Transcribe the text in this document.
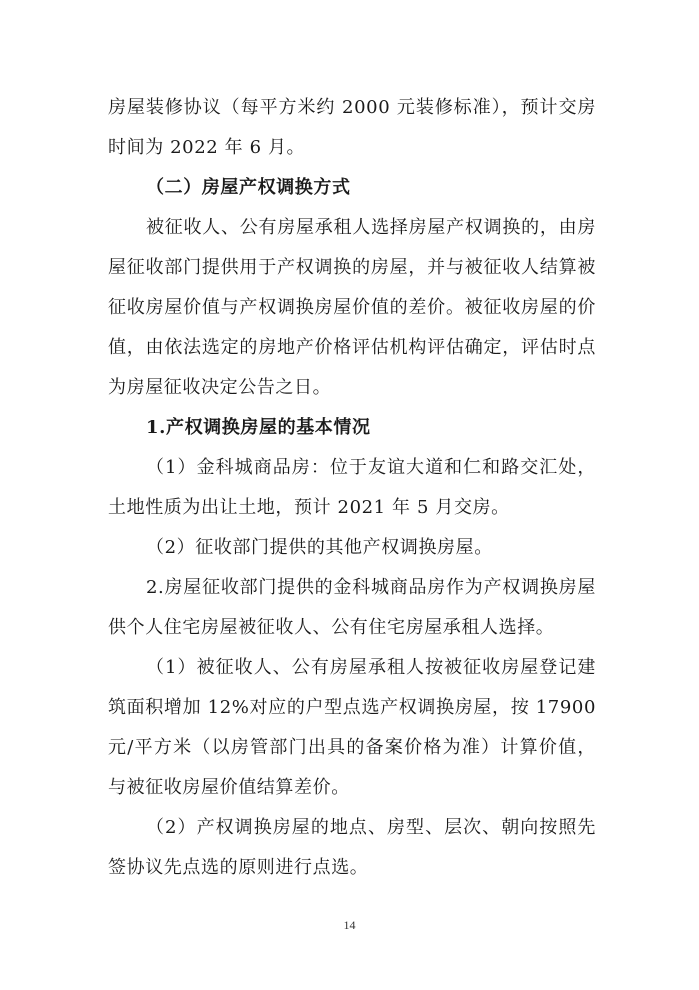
房屋装修协议（每平方米约 2000 元装修标准），预计交房时间为 2022 年 6 月。

（二）房屋产权调换方式

被征收人、公有房屋承租人选择房屋产权调换的，由房屋征收部门提供用于产权调换的房屋，并与被征收人结算被征收房屋价值与产权调换房屋价值的差价。被征收房屋的价值，由依法选定的房地产价格评估机构评估确定，评估时点为房屋征收决定公告之日。

1.产权调换房屋的基本情况

（1）金科城商品房：位于友谊大道和仁和路交汇处，土地性质为出让土地，预计 2021 年 5 月交房。

（2）征收部门提供的其他产权调换房屋。

2.房屋征收部门提供的金科城商品房作为产权调换房屋供个人住宅房屋被征收人、公有住宅房屋承租人选择。

（1）被征收人、公有房屋承租人按被征收房屋登记建筑面积增加 12%对应的户型点选产权调换房屋，按 17900 元/平方米（以房管部门出具的备案价格为准）计算价值，与被征收房屋价值结算差价。

（2）产权调换房屋的地点、房型、层次、朝向按照先签协议先点选的原则进行点选。

14
